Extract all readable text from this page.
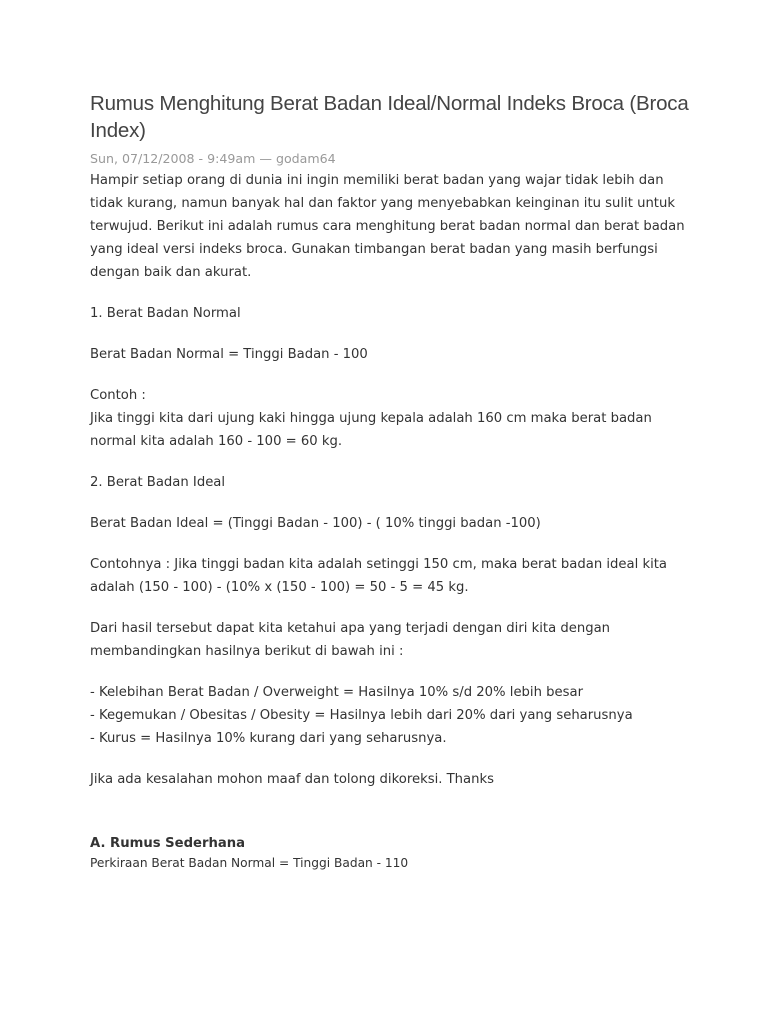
Rumus Menghitung Berat Badan Ideal/Normal Indeks Broca (Broca Index)
Sun, 07/12/2008 - 9:49am — godam64

Hampir setiap orang di dunia ini ingin memiliki berat badan yang wajar tidak lebih dan tidak kurang, namun banyak hal dan faktor yang menyebabkan keinginan itu sulit untuk terwujud. Berikut ini adalah rumus cara menghitung berat badan normal dan berat badan yang ideal versi indeks broca. Gunakan timbangan berat badan yang masih berfungsi dengan baik dan akurat.

1. Berat Badan Normal

Berat Badan Normal = Tinggi Badan - 100

Contoh :
Jika tinggi kita dari ujung kaki hingga ujung kepala adalah 160 cm maka berat badan normal kita adalah 160 - 100 = 60 kg.

2. Berat Badan Ideal

Berat Badan Ideal = (Tinggi Badan - 100) - ( 10% tinggi badan -100)

Contohnya : Jika tinggi badan kita adalah setinggi 150 cm, maka berat badan ideal kita adalah (150 - 100) - (10% x (150 - 100) = 50 - 5 = 45 kg.

Dari hasil tersebut dapat kita ketahui apa yang terjadi dengan diri kita dengan membandingkan hasilnya berikut di bawah ini :

- Kelebihan Berat Badan / Overweight = Hasilnya 10% s/d 20% lebih besar

- Kegemukan / Obesitas / Obesity = Hasilnya lebih dari 20% dari yang seharusnya

- Kurus = Hasilnya 10% kurang dari yang seharusnya.

Jika ada kesalahan mohon maaf dan tolong dikoreksi. Thanks

A. Rumus Sederhana
Perkiraan Berat Badan Normal = Tinggi Badan - 110
